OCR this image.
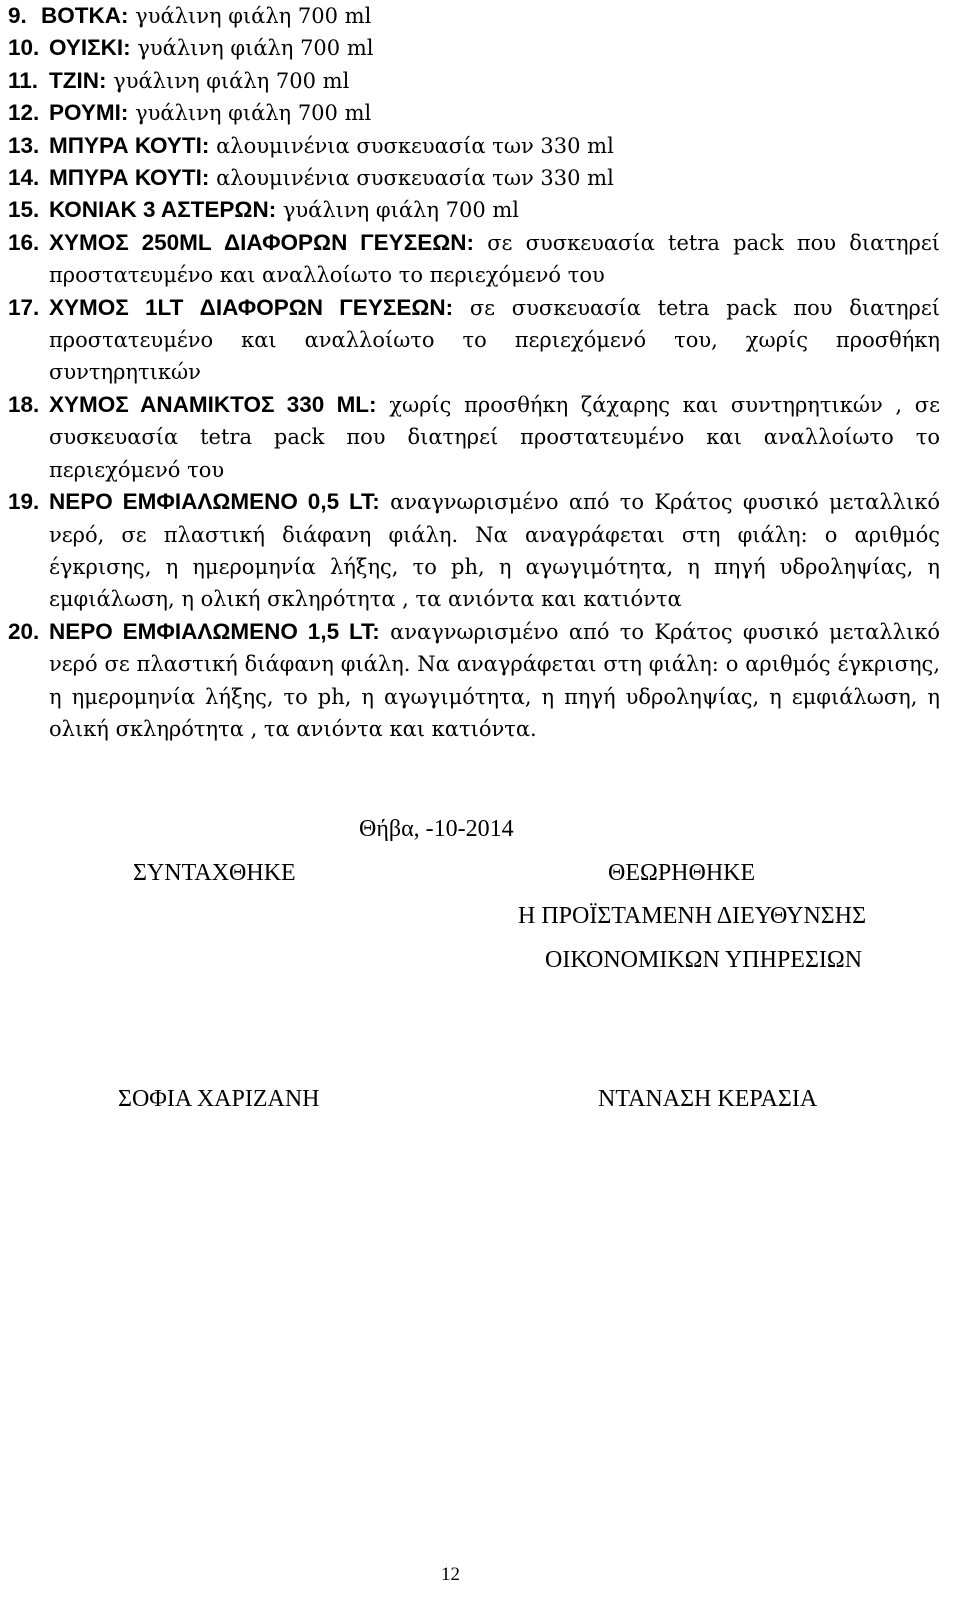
9. ΒΟΤΚΑ: γυάλινη φιάλη 700 ml
10. ΟΥΙΣΚΙ: γυάλινη φιάλη 700 ml
11. ΤΖΙΝ: γυάλινη φιάλη 700 ml
12. ΡΟΥΜΙ: γυάλινη φιάλη 700 ml
13. ΜΠΥΡΑ ΚΟΥΤΙ: αλουμινένια συσκευασία των 330 ml
14. ΜΠΥΡΑ ΚΟΥΤΙ: αλουμινένια συσκευασία των 330 ml
15. ΚΟΝΙΑΚ 3 ΑΣΤΕΡΩΝ: γυάλινη φιάλη 700 ml
16. ΧΥΜΟΣ 250ML ΔΙΑΦΟΡΩΝ ΓΕΥΣΕΩΝ: σε συσκευασία tetra pack που διατηρεί προστατευμένο και αναλλοίωτο το περιεχόμενό του
17. ΧΥΜΟΣ 1LT ΔΙΑΦΟΡΩΝ ΓΕΥΣΕΩΝ: σε συσκευασία tetra pack που διατηρεί προστατευμένο και αναλλοίωτο το περιεχόμενό του, χωρίς προσθήκη συντηρητικών
18. ΧΥΜΟΣ ΑΝΑΜΙΚΤΟΣ 330 ML: χωρίς προσθήκη ζάχαρης και συντηρητικών , σε συσκευασία tetra pack που διατηρεί προστατευμένο και αναλλοίωτο το περιεχόμενό του
19. ΝΕΡΟ ΕΜΦΙΑΛΩΜΕΝΟ 0,5 LT: αναγνωρισμένο από το Κράτος φυσικό μεταλλικό νερό, σε πλαστική διάφανη φιάλη. Να αναγράφεται στη φιάλη: ο αριθμός έγκρισης, η ημερομηνία λήξης, το ph, η αγωγιμότητα, η πηγή υδροληψίας, η εμφιάλωση, η ολική σκληρότητα , τα ανιόντα και κατιόντα
20. ΝΕΡΟ ΕΜΦΙΑΛΩΜΕΝΟ 1,5 LT: αναγνωρισμένο από το Κράτος φυσικό μεταλλικό νερό σε πλαστική διάφανη φιάλη. Να αναγράφεται στη φιάλη: ο αριθμός έγκρισης, η ημερομηνία λήξης, το ph, η αγωγιμότητα, η πηγή υδροληψίας, η εμφιάλωση, η ολική σκληρότητα , τα ανιόντα και κατιόντα.
Θήβα, -10-2014
ΣΥΝΤΑΧΘΗΚΕ	ΘΕΩΡΗΘΗΚΕ
Η ΠΡΟΪΣΤΑΜΕΝΗ ΔΙΕΥΘΥΝΣΗΣ
ΟΙΚΟΝΟΜΙΚΩΝ ΥΠΗΡΕΣΙΩΝ
ΣΟΦΙΑ ΧΑΡΙΖΑΝΗ	ΝΤΑΝΑΣΗ ΚΕΡΑΣΙΑ
12
